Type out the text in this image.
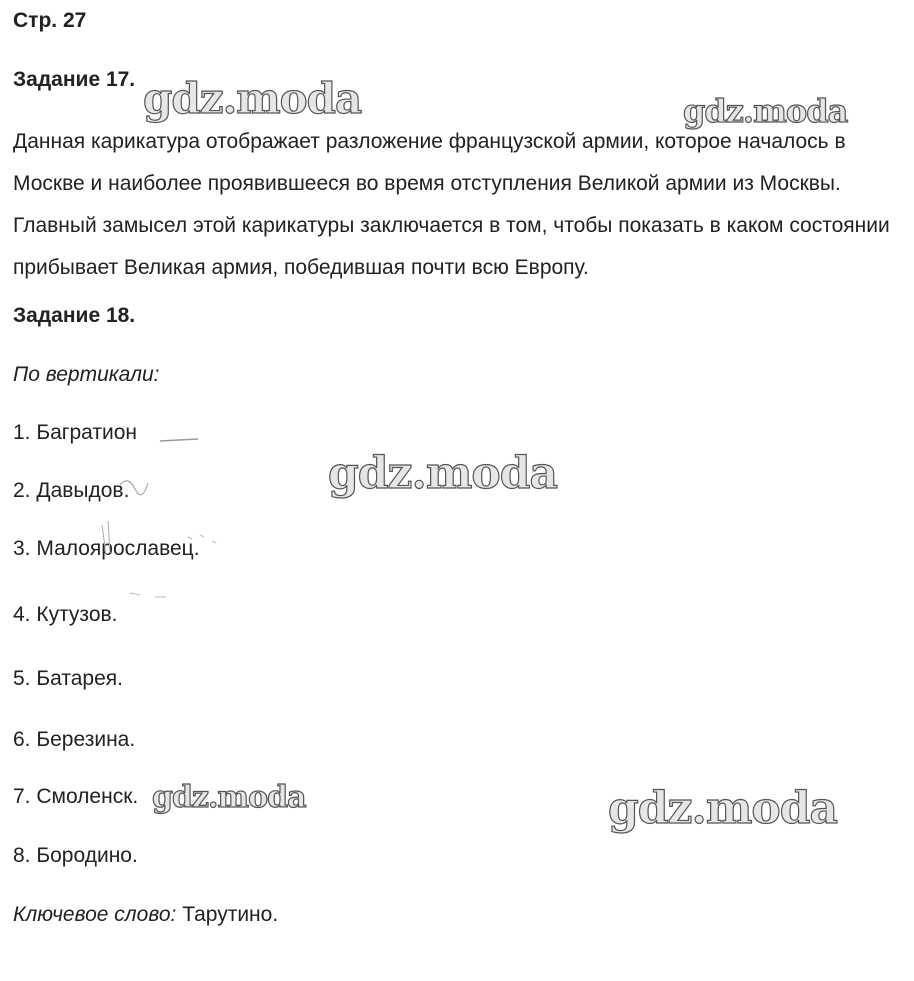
Стр. 27
Задание 17.
Данная карикатура отображает разложение французской армии, которое началось в Москве и наиболее проявившееся во время отступления Великой армии из Москвы. Главный замысел этой карикатуры заключается в том, чтобы показать в каком состоянии прибывает Великая армия, победившая почти всю Европу.
Задание 18.
По вертикали:
1. Багратион
2. Давыдов.
3. Малоярославец.
4. Кутузов.
5. Батарея.
6. Березина.
7. Смоленск.
8. Бородино.
Ключевое слово: Тарутино.
gdz.moda	gdz.moda
gdz.moda
gdz.moda	gdz.moda
